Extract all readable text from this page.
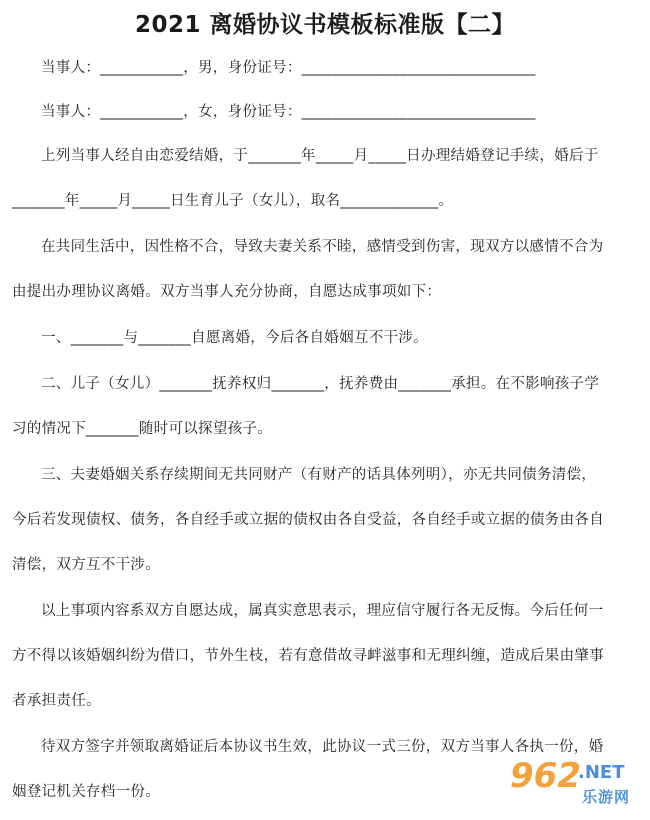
2021 离婚协议书模板标准版【二】
当事人：___________，男，身份证号：_______________________________
当事人：___________，女，身份证号：_______________________________
上列当事人经自由恋爱结婚，于_______年_____月_____日办理结婚登记手续，婚后于
_______年_____月_____日生育儿子（女儿），取名_____________。
在共同生活中，因性格不合，导致夫妻关系不睦，感情受到伤害，现双方以感情不合为
由提出办理协议离婚。双方当事人充分协商，自愿达成事项如下：
一、_______与_______自愿离婚，今后各自婚姻互不干涉。
二、儿子（女儿）_______抚养权归_______，抚养费由_______承担。在不影响孩子学
习的情况下_______随时可以探望孩子。
三、夫妻婚姻关系存续期间无共同财产（有财产的话具体列明），亦无共同债务清偿，
今后若发现债权、债务，各自经手或立据的债权由各自受益，各自经手或立据的债务由各自
清偿，双方互不干涉。
以上事项内容系双方自愿达成，属真实意思表示，理应信守履行各无反悔。今后任何一
方不得以该婚姻纠纷为借口，节外生枝，若有意借故寻衅滋事和无理纠缠，造成后果由肇事
者承担责任。
待双方签字并领取离婚证后本协议书生效，此协议一式三份，双方当事人各执一份，婚
姻登记机关存档一份。	962
.NET
乐游网
